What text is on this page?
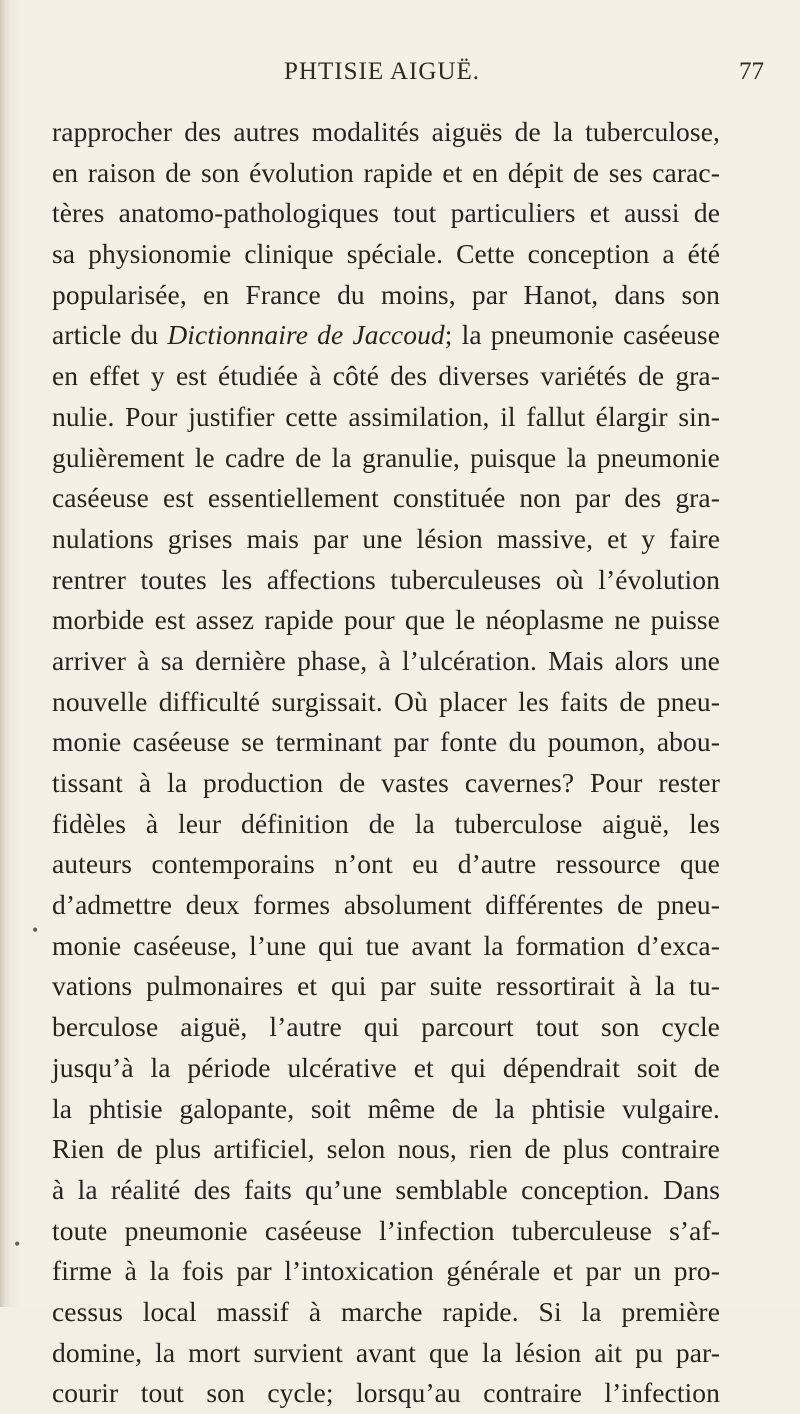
PHTISIE AIGUË.	77
rapprocher des autres modalités aiguës de la tuberculose,
en raison de son évolution rapide et en dépit de ses carac-
tères anatomo-pathologiques tout particuliers et aussi de
sa physionomie clinique spéciale. Cette conception a été
popularisée, en France du moins, par Hanot, dans son
article du Dictionnaire de Jaccoud; la pneumonie caséeuse
en effet y est étudiée à côté des diverses variétés de gra-
nulie. Pour justifier cette assimilation, il fallut élargir sin-
gulièrement le cadre de la granulie, puisque la pneumonie
caséeuse est essentiellement constituée non par des gra-
nulations grises mais par une lésion massive, et y faire
rentrer toutes les affections tuberculeuses où l’évolution
morbide est assez rapide pour que le néoplasme ne puisse
arriver à sa dernière phase, à l’ulcération. Mais alors une
nouvelle difficulté surgissait. Où placer les faits de pneu-
monie caséeuse se terminant par fonte du poumon, abou-
tissant à la production de vastes cavernes? Pour rester
fidèles à leur définition de la tuberculose aiguë, les
auteurs contemporains n’ont eu d’autre ressource que
d’admettre deux formes absolument différentes de pneu-
monie caséeuse, l’une qui tue avant la formation d’exca-
vations pulmonaires et qui par suite ressortirait à la tu-
berculose aiguë, l’autre qui parcourt tout son cycle
jusqu’à la période ulcérative et qui dépendrait soit de
la phtisie galopante, soit même de la phtisie vulgaire.
Rien de plus artificiel, selon nous, rien de plus contraire
à la réalité des faits qu’une semblable conception. Dans
toute pneumonie caséeuse l’infection tuberculeuse s’af-
firme à la fois par l’intoxication générale et par un pro-
cessus local massif à marche rapide. Si la première
domine, la mort survient avant que la lésion ait pu par-
courir tout son cycle; lorsqu’au contraire l’infection
•
•
